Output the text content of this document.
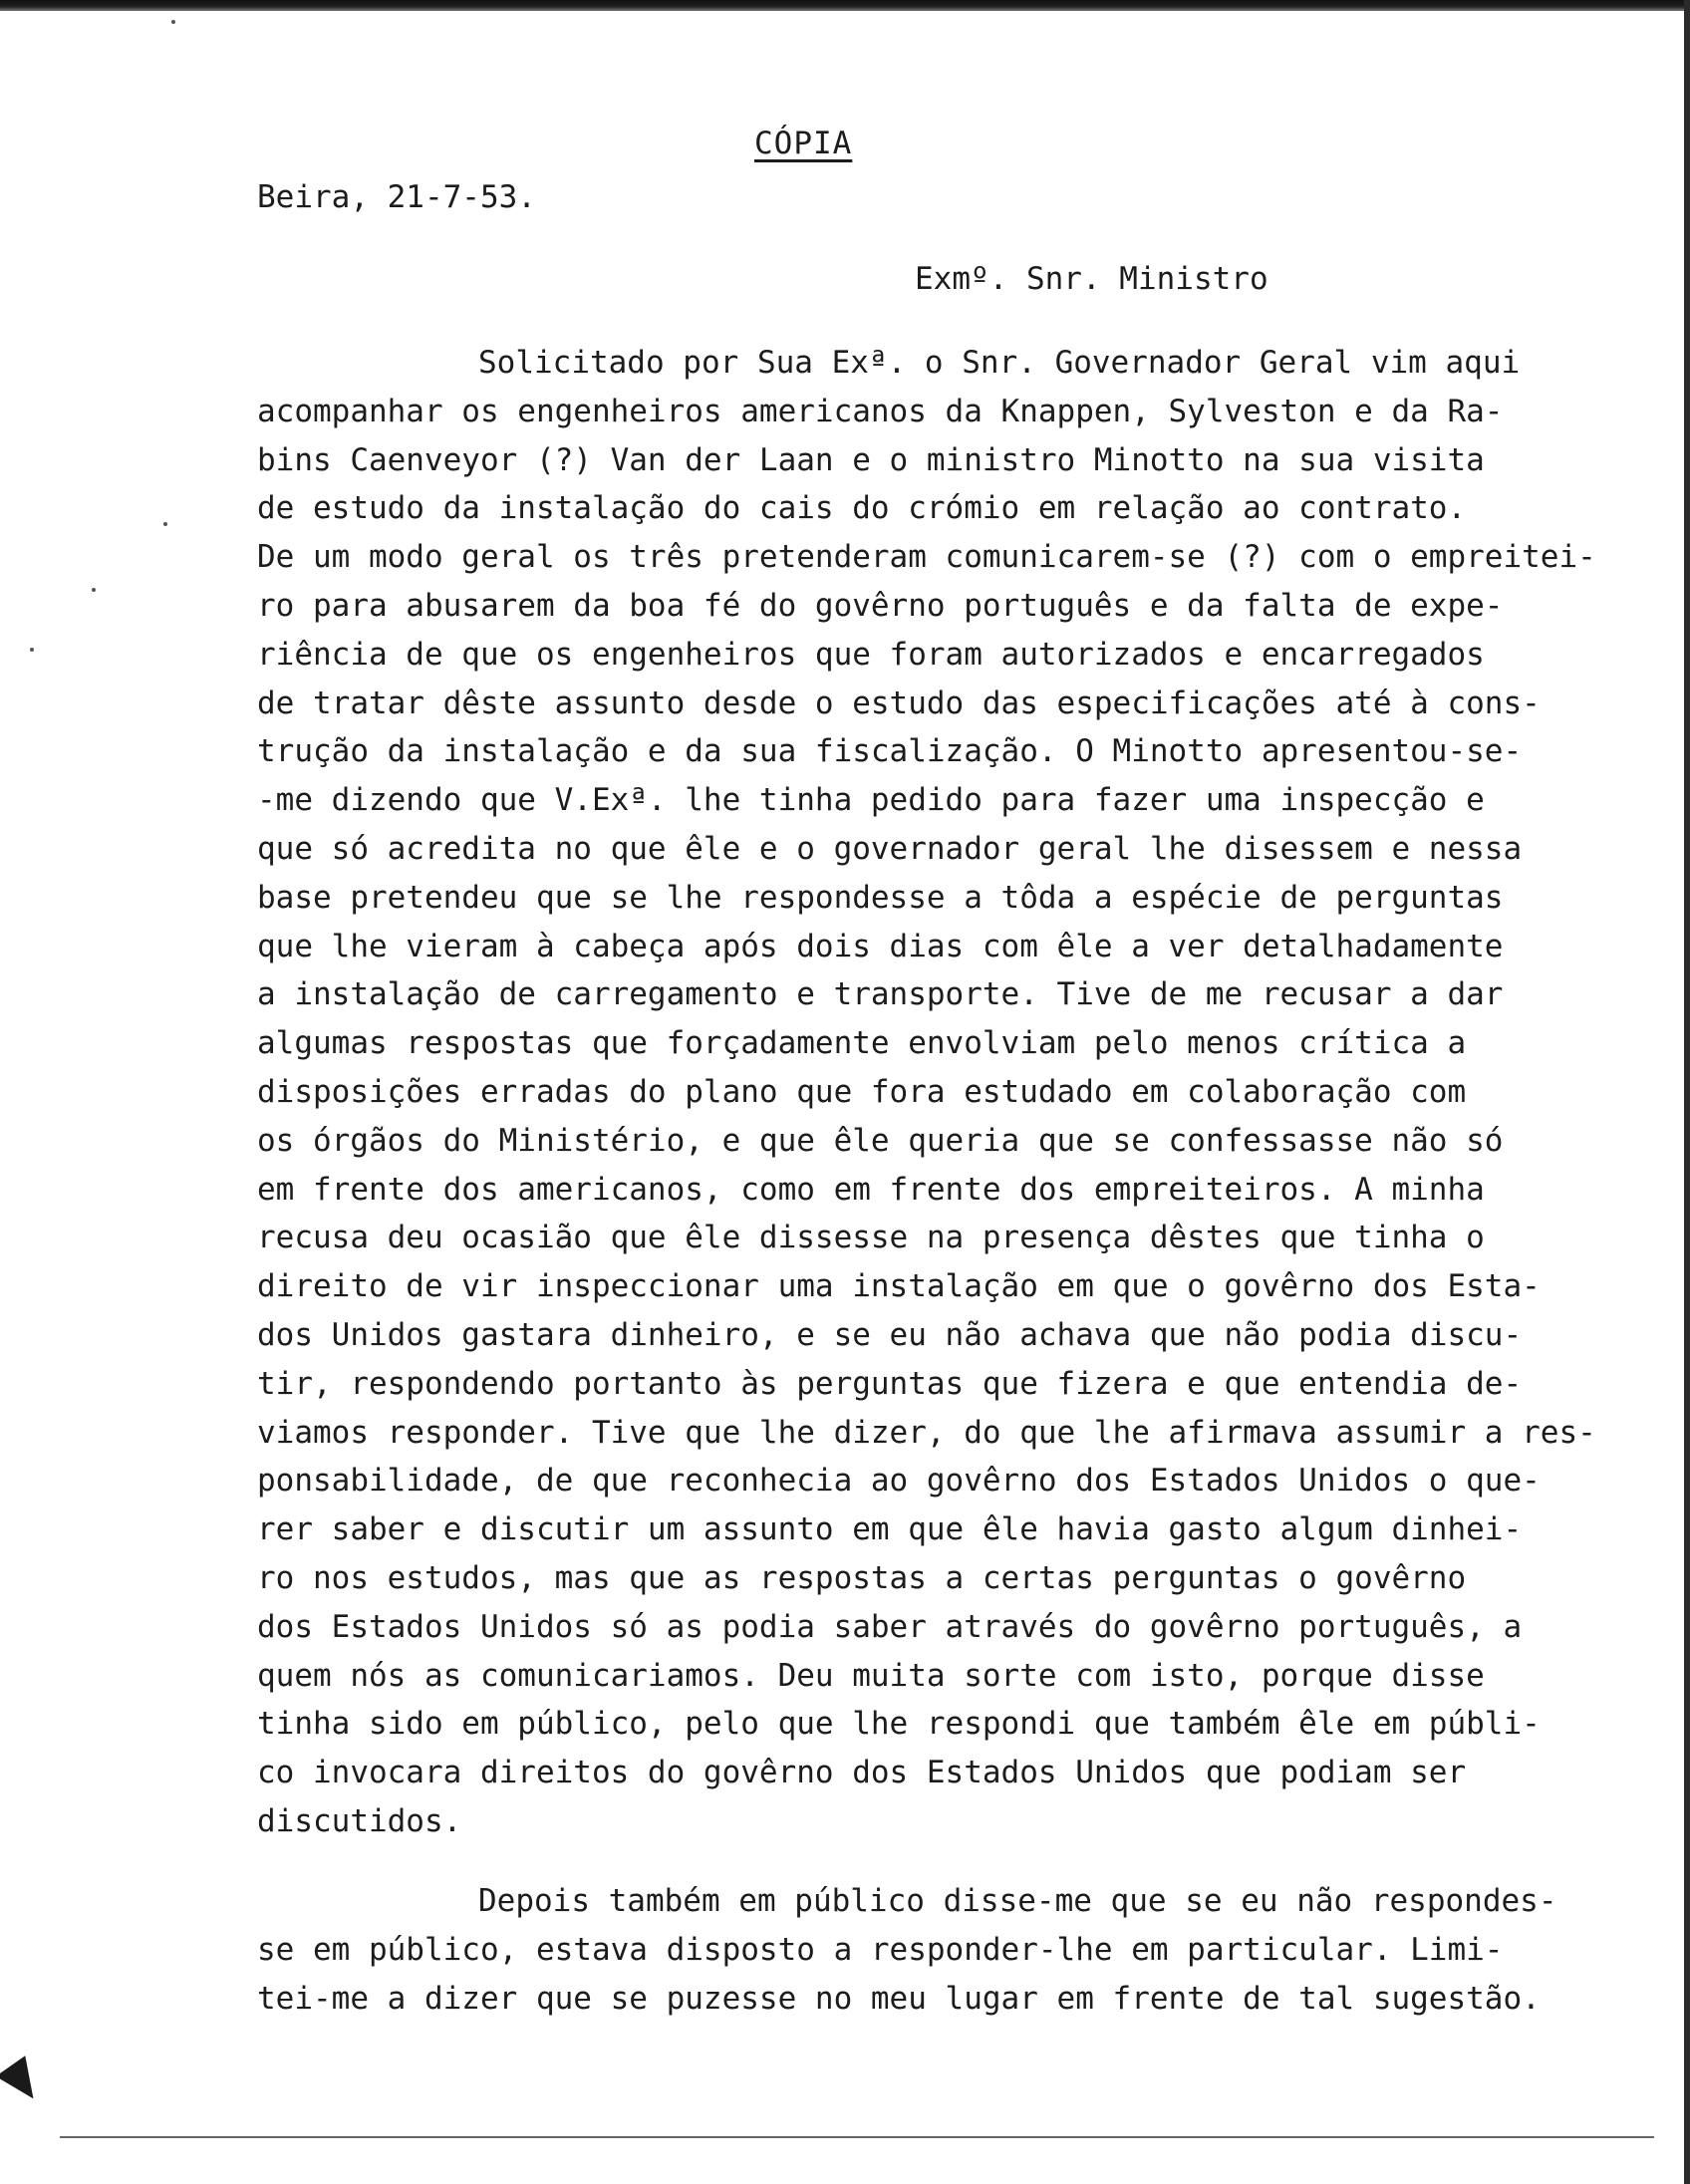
CÓPIA

Beira, 21-7-53.

Exmº. Snr. Ministro

Solicitado por Sua Exª. o Snr. Governador Geral vim aqui
acompanhar os engenheiros americanos da Knappen, Sylveston e da Ra-
bins Caenveyor (?) Van der Laan e o ministro Minotto na sua visita
de estudo da instalação do cais do crómio em relação ao contrato.
De um modo geral os três pretenderam comunicarem-se (?) com o empreitei-
ro para abusarem da boa fé do govêrno português e da falta de expe-
riência de que os engenheiros que foram autorizados e encarregados
de tratar dêste assunto desde o estudo das especificações até à cons-
trução da instalação e da sua fiscalização. O Minotto apresentou-se-
-me dizendo que V.Exª. lhe tinha pedido para fazer uma inspecção e
que só acredita no que êle e o governador geral lhe disessem e nessa
base pretendeu que se lhe respondesse a tôda a espécie de perguntas
que lhe vieram à cabeça após dois dias com êle a ver detalhadamente
a instalação de carregamento e transporte. Tive de me recusar a dar
algumas respostas que forçadamente envolviam pelo menos crítica a
disposições erradas do plano que fora estudado em colaboração com
os órgãos do Ministério, e que êle queria que se confessasse não só
em frente dos americanos, como em frente dos empreiteiros. A minha
recusa deu ocasião que êle dissesse na presença dêstes que tinha o
direito de vir inspeccionar uma instalação em que o govêrno dos Esta-
dos Unidos gastara dinheiro, e se eu não achava que não podia discu-
tir, respondendo portanto às perguntas que fizera e que entendia de-
viamos responder. Tive que lhe dizer, do que lhe afirmava assumir a res-
ponsabilidade, de que reconhecia ao govêrno dos Estados Unidos o que-
rer saber e discutir um assunto em que êle havia gasto algum dinhei-
ro nos estudos, mas que as respostas a certas perguntas o govêrno
dos Estados Unidos só as podia saber através do govêrno português, a
quem nós as comunicariamos. Deu muita sorte com isto, porque disse
tinha sido em público, pelo que lhe respondi que também êle em públi-
co invocara direitos do govêrno dos Estados Unidos que podiam ser
discutidos.
Depois também em público disse-me que se eu não respondes-
se em público, estava disposto a responder-lhe em particular. Limi-
tei-me a dizer que se puzesse no meu lugar em frente de tal sugestão.
